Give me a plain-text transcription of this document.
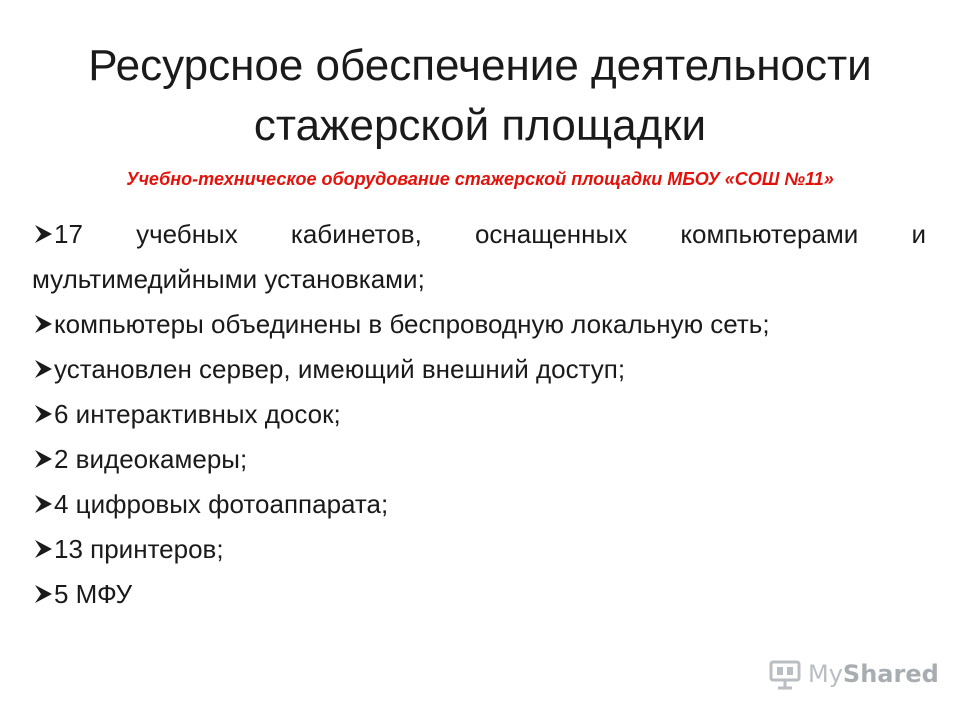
Ресурсное обеспечение деятельности стажерской площадки
Учебно-техническое оборудование стажерской площадки МБОУ «СОШ №11»
17 учебных кабинетов, оснащенных компьютерами и мультимедийными установками;
компьютеры объединены в беспроводную локальную сеть;
установлен сервер, имеющий внешний доступ;
6 интерактивных досок;
2 видеокамеры;
4 цифровых фотоаппарата;
13 принтеров;
5 МФУ
MyShared
